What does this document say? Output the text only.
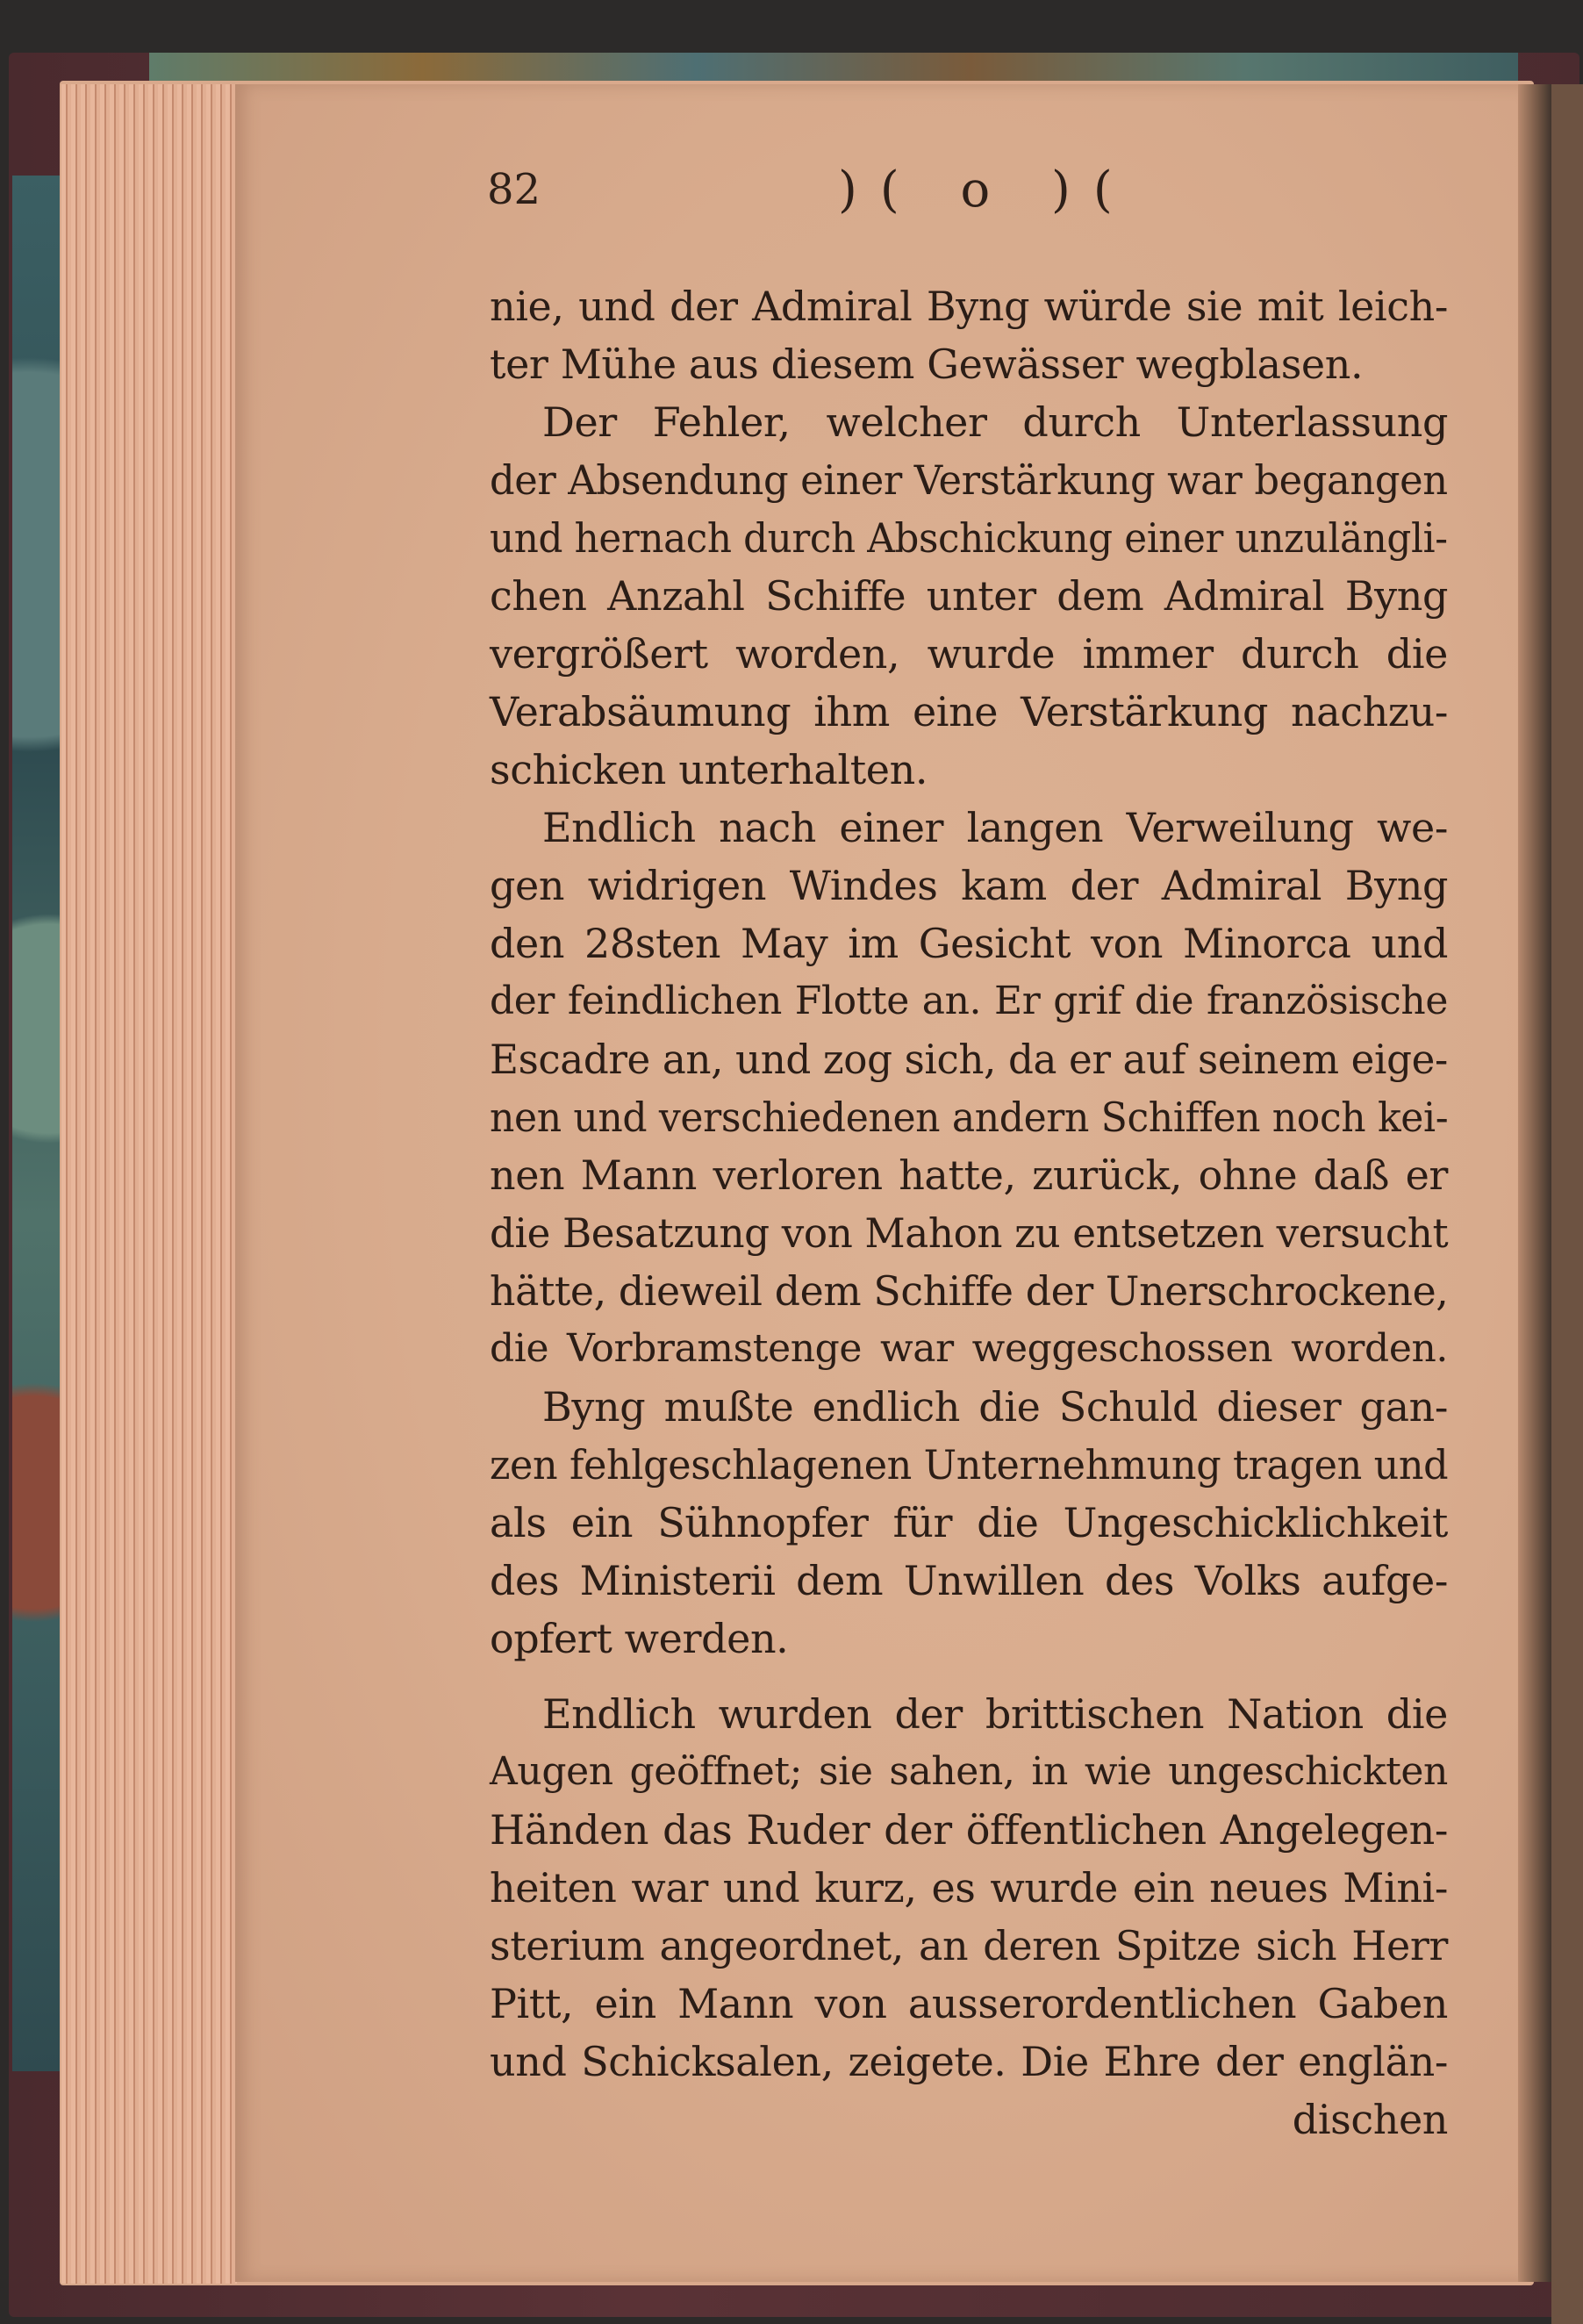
82	)( o )(
nie, und der Admiral Byng würde sie mit leich-
ter Mühe aus diesem Gewässer wegblasen.
Der Fehler, welcher durch Unterlassung
der Absendung einer Verstärkung war begangen
und hernach durch Abschickung einer unzulängli-
chen Anzahl Schiffe unter dem Admiral Byng
vergrößert worden, wurde immer durch die
Verabsäumung ihm eine Verstärkung nachzu-
schicken unterhalten.
Endlich nach einer langen Verweilung we-
gen widrigen Windes kam der Admiral Byng
den 28sten May im Gesicht von Minorca und
der feindlichen Flotte an. Er grif die französische
Escadre an, und zog sich, da er auf seinem eige-
nen und verschiedenen andern Schiffen noch kei-
nen Mann verloren hatte, zurück, ohne daß er
die Besatzung von Mahon zu entsetzen versucht
hätte, dieweil dem Schiffe der Unerschrockene,
die Vorbramstenge war weggeschossen worden.
Byng mußte endlich die Schuld dieser gan-
zen fehlgeschlagenen Unternehmung tragen und
als ein Sühnopfer für die Ungeschicklichkeit
des Ministerii dem Unwillen des Volks aufge-
opfert werden.
Endlich wurden der brittischen Nation die
Augen geöffnet; sie sahen, in wie ungeschickten
Händen das Ruder der öffentlichen Angelegen-
heiten war und kurz, es wurde ein neues Mini-
sterium angeordnet, an deren Spitze sich Herr
Pitt, ein Mann von ausserordentlichen Gaben
und Schicksalen, zeigete. Die Ehre der englän-
dischen
